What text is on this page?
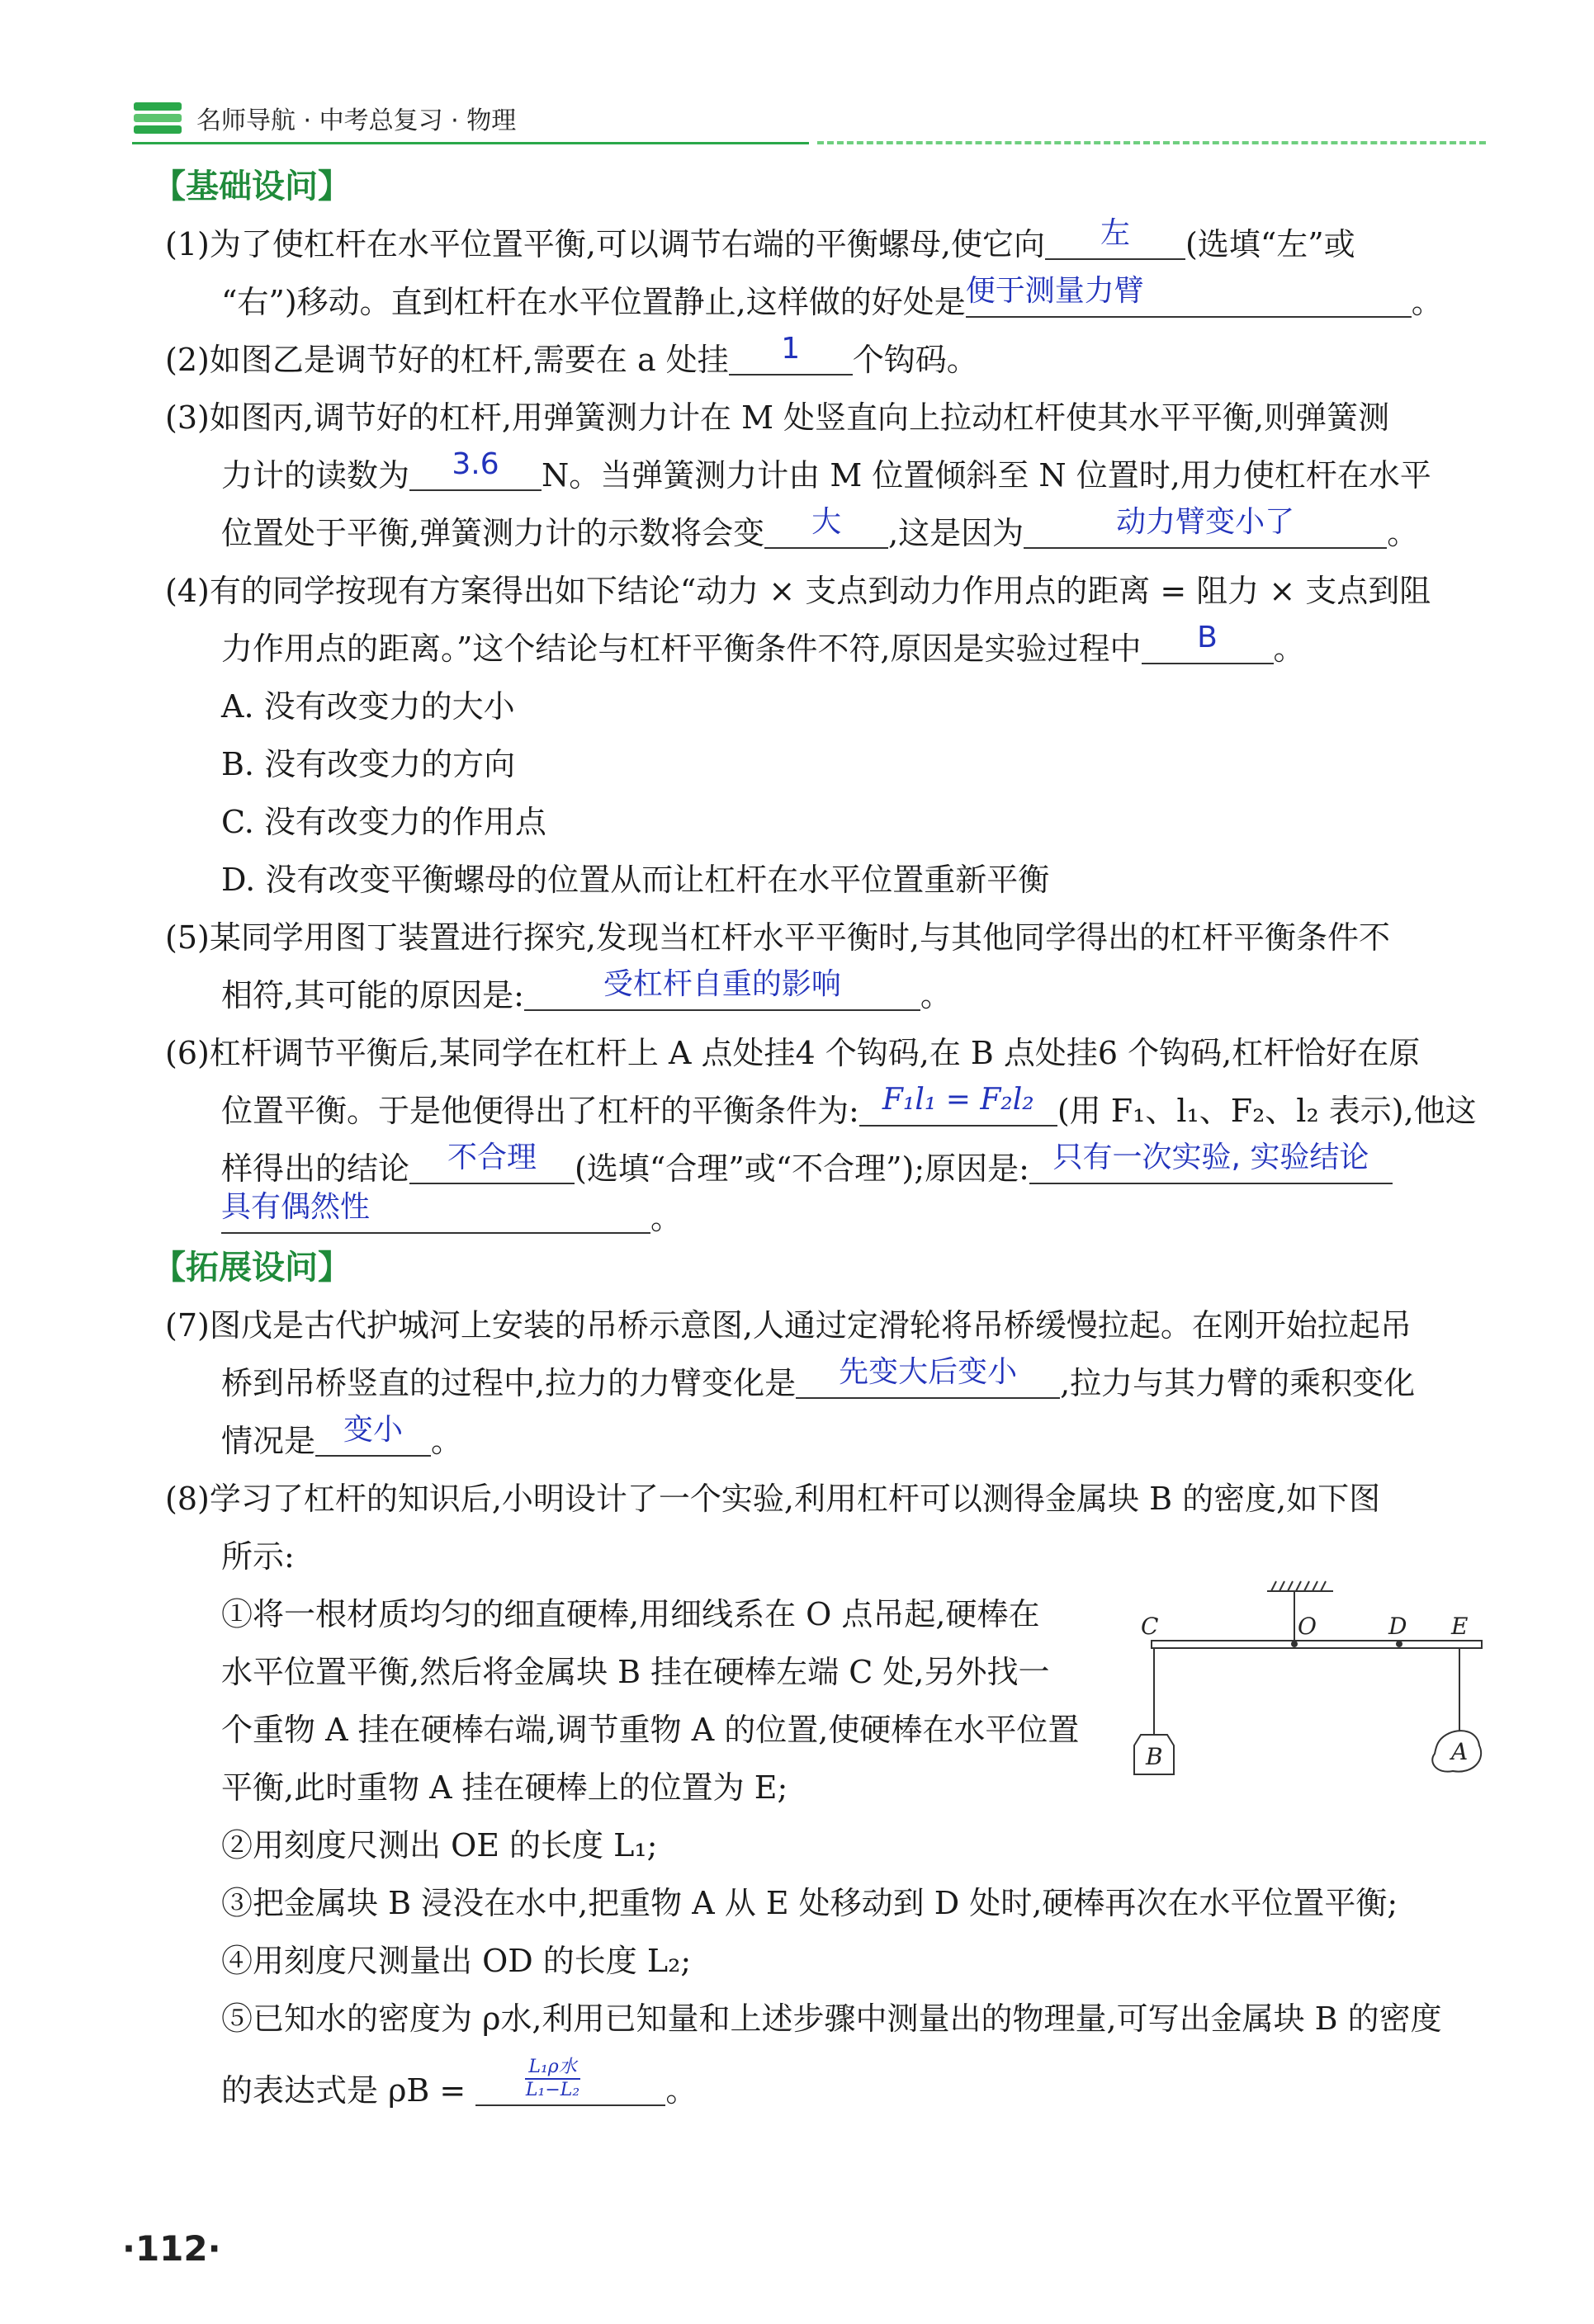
名师导航 · 中考总复习 · 物理
【基础设问】
(1)为了使杠杆在水平位置平衡,可以调节右端的平衡螺母,使它向	左	(选填“左”或
“右”)移动。直到杠杆在水平位置静止,这样做的好处是 便于测量力臂	。
(2)如图乙是调节好的杠杆,需要在 a 处挂	1	个钩码。
(3)如图丙,调节好的杠杆,用弹簧测力计在 M 处竖直向上拉动杠杆使其水平平衡,则弹簧测
力计的读数为	3.6	N。当弹簧测力计由 M 位置倾斜至 N 位置时,用力使杠杆在水平
位置处于平衡,弹簧测力计的示数将会变	大	,这是因为	动力臂变小了	。
(4)有的同学按现有方案得出如下结论“动力 × 支点到动力作用点的距离 = 阻力 × 支点到阻
力作用点的距离。”这个结论与杠杆平衡条件不符,原因是实验过程中	B	。
A. 没有改变力的大小
B. 没有改变力的方向
C. 没有改变力的作用点
D. 没有改变平衡螺母的位置从而让杠杆在水平位置重新平衡
(5)某同学用图丁装置进行探究,发现当杠杆水平平衡时,与其他同学得出的杠杆平衡条件不
相符,其可能的原因是:	受杠杆自重的影响	。
(6)杠杆调节平衡后,某同学在杠杆上 A 点处挂4 个钩码,在 B 点处挂6 个钩码,杠杆恰好在原
位置平衡。于是他便得出了杠杆的平衡条件为: F₁l₁ = F₂l₂ (用 F₁、l₁、F₂、l₂ 表示),他这
样得出的结论	不合理	(选填“合理”或“不合理”);原因是: 只有一次实验, 实验结论
具有偶然性	。
【拓展设问】
(7)图戊是古代护城河上安装的吊桥示意图,人通过定滑轮将吊桥缓慢拉起。在刚开始拉起吊
桥到吊桥竖直的过程中,拉力的力臂变化是	先变大后变小	,拉力与其力臂的乘积变化
情况是 变小 。
(8)学习了杠杆的知识后,小明设计了一个实验,利用杠杆可以测得金属块 B 的密度,如下图
所示:
①将一根材质均匀的细直硬棒,用细线系在 O 点吊起,硬棒在
水平位置平衡,然后将金属块 B 挂在硬棒左端 C 处,另外找一
个重物 A 挂在硬棒右端,调节重物 A 的位置,使硬棒在水平位置
平衡,此时重物 A 挂在硬棒上的位置为 E;
②用刻度尺测出 OE 的长度 L₁;
③把金属块 B 浸没在水中,把重物 A 从 E 处移动到 D 处时,硬棒再次在水平位置平衡;
④用刻度尺测量出 OD 的长度 L₂;
⑤已知水的密度为 ρ水,利用已知量和上述步骤中测量出的物理量,可写出金属块 B 的密度
的表达式是 ρB =
L₁ρ水
L₁−L₂	。
C	O	D E
B	A
·112·
